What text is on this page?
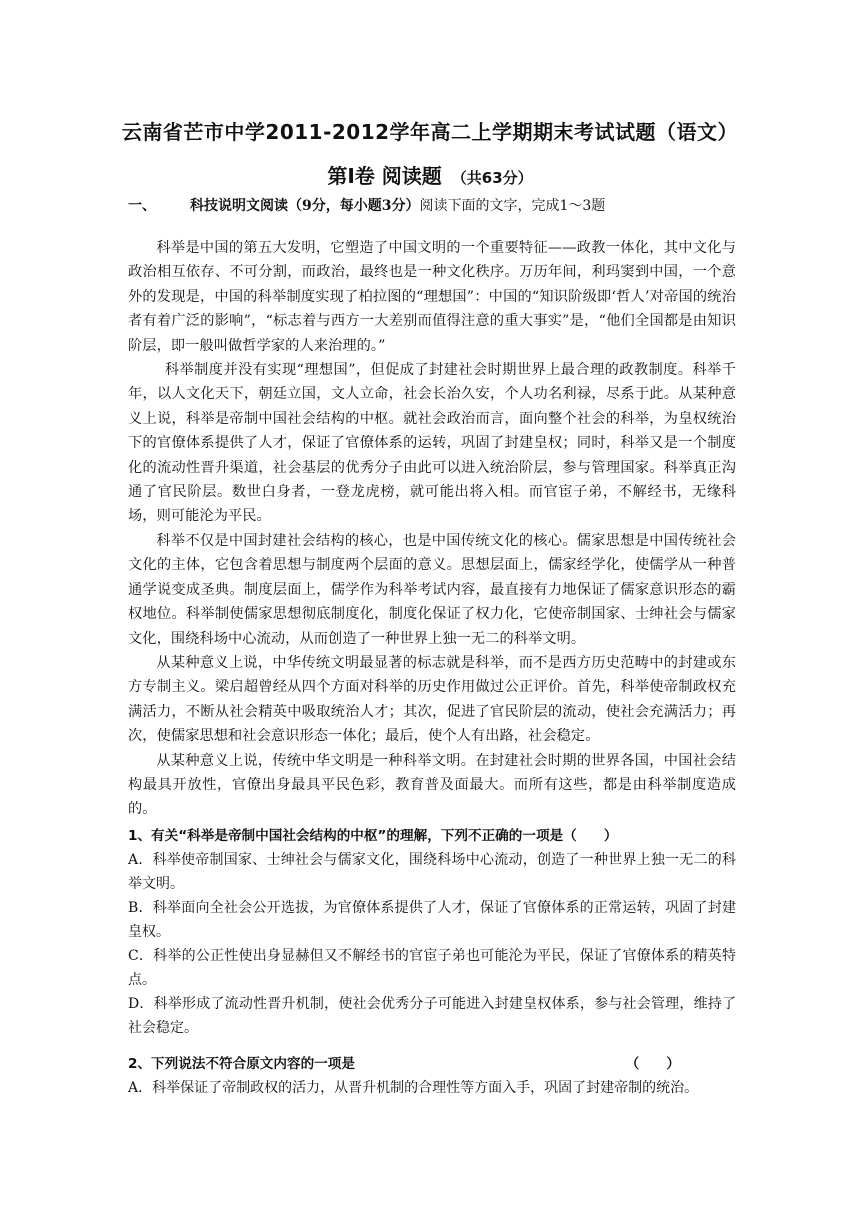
云南省芒市中学2011-2012学年高二上学期期末考试试题（语文）
第Ⅰ卷 阅读题 （共63分）
一、 科技说明文阅读（9分，每小题3分）阅读下面的文字，完成1～3题

科举是中国的第五大发明，它塑造了中国文明的一个重要特征——政教一体化，其中文化与政治相互依存、不可分割，而政治，最终也是一种文化秩序。万历年间，利玛窦到中国，一个意外的发现是，中国的科举制度实现了柏拉图的“理想国”：中国的“知识阶级即‘哲人’对帝国的统治者有着广泛的影响”，“标志着与西方一大差别而值得注意的重大事实”是，“他们全国都是由知识阶层，即一般叫做哲学家的人来治理的。”

科举制度并没有实现“理想国”，但促成了封建社会时期世界上最合理的政教制度。科举千年，以人文化天下，朝廷立国，文人立命，社会长治久安，个人功名利禄，尽系于此。从某种意义上说，科举是帝制中国社会结构的中枢。就社会政治而言，面向整个社会的科举，为皇权统治下的官僚体系提供了人才，保证了官僚体系的运转，巩固了封建皇权；同时，科举又是一个制度化的流动性晋升渠道，社会基层的优秀分子由此可以进入统治阶层，参与管理国家。科举真正沟通了官民阶层。数世白身者，一登龙虎榜，就可能出将入相。而官宦子弟，不解经书，无缘科场，则可能沦为平民。

科举不仅是中国封建社会结构的核心，也是中国传统文化的核心。儒家思想是中国传统社会文化的主体，它包含着思想与制度两个层面的意义。思想层面上，儒家经学化，使儒学从一种普通学说变成圣典。制度层面上，儒学作为科举考试内容，最直接有力地保证了儒家意识形态的霸权地位。科举制使儒家思想彻底制度化，制度化保证了权力化，它使帝制国家、士绅社会与儒家文化，围绕科场中心流动，从而创造了一种世界上独一无二的科举文明。

从某种意义上说，中华传统文明最显著的标志就是科举，而不是西方历史范畴中的封建或东方专制主义。梁启超曾经从四个方面对科举的历史作用做过公正评价。首先，科举使帝制政权充满活力，不断从社会精英中吸取统治人才；其次，促进了官民阶层的流动，使社会充满活力；再次，使儒家思想和社会意识形态一体化；最后，使个人有出路，社会稳定。

从某种意义上说，传统中华文明是一种科举文明。在封建社会时期的世界各国，中国社会结构最具开放性，官僚出身最具平民色彩，教育普及面最大。而所有这些，都是由科举制度造成的。

1、有关“科举是帝制中国社会结构的中枢”的理解，下列不正确的一项是（　　）

A．科举使帝制国家、士绅社会与儒家文化，围绕科场中心流动，创造了一种世界上独一无二的科举文明。

B．科举面向全社会公开选拔，为官僚体系提供了人才，保证了官僚体系的正常运转，巩固了封建皇权。

C．科举的公正性使出身显赫但又不解经书的官宦子弟也可能沦为平民，保证了官僚体系的精英特点。

D．科举形成了流动性晋升机制，使社会优秀分子可能进入封建皇权体系，参与社会管理，维持了社会稳定。

2、下列说法不符合原文内容的一项是	（　　）

A．科举保证了帝制政权的活力，从晋升机制的合理性等方面入手，巩固了封建帝制的统治。
